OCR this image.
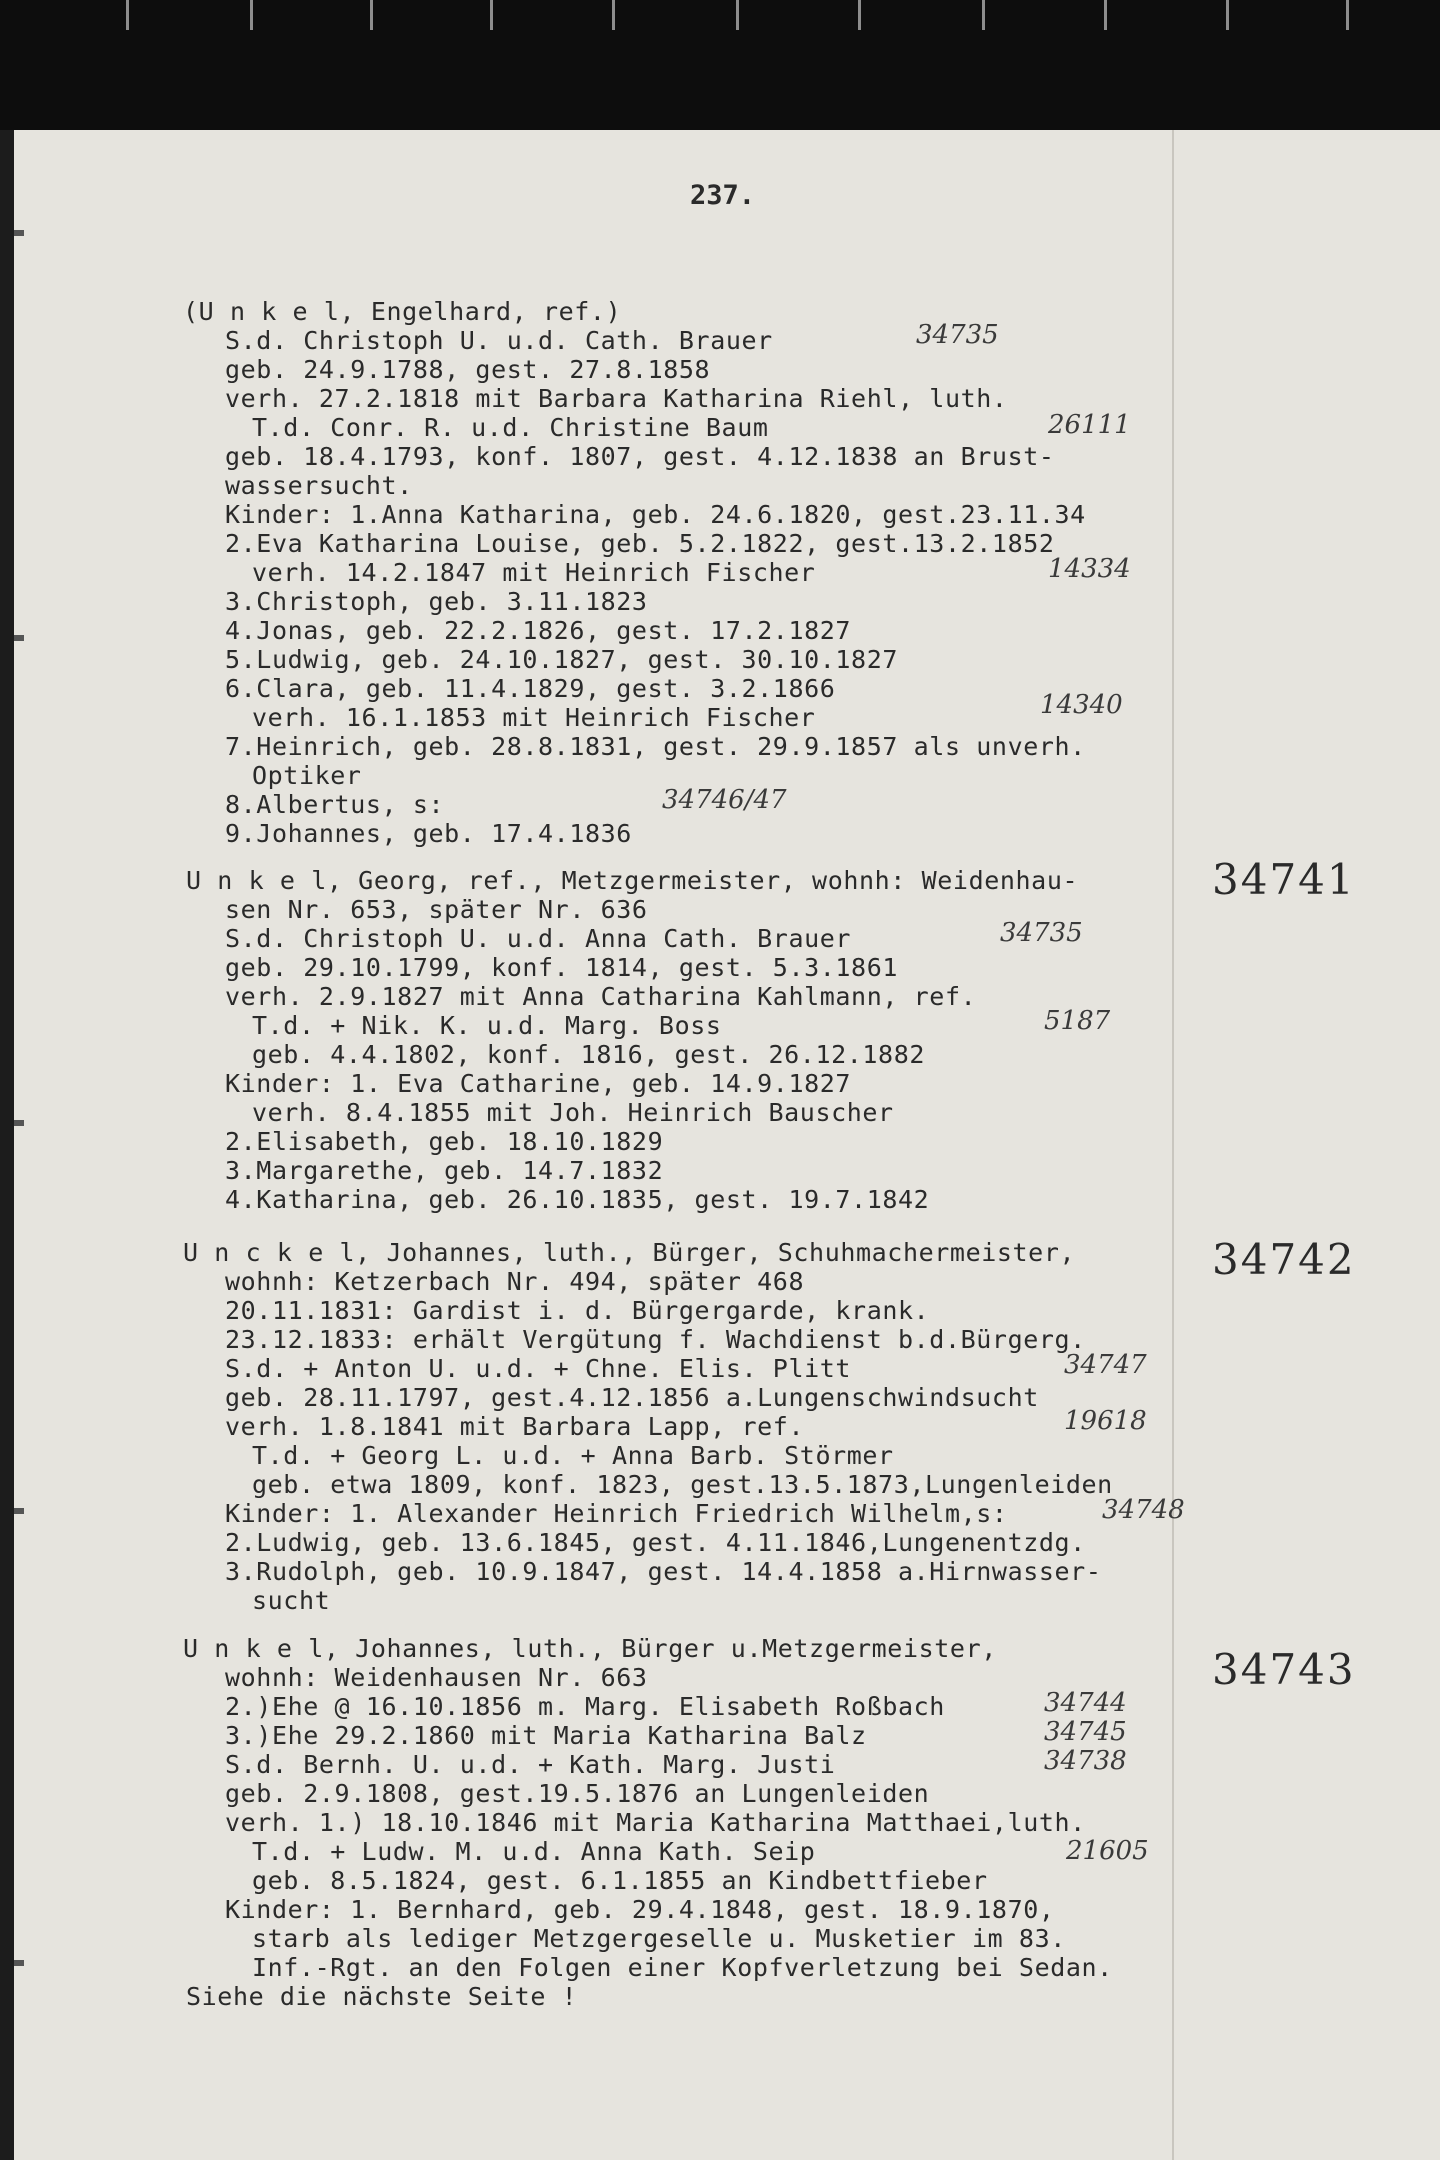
237.
(U n k e l, Engelhard, ref.)
S.d. Christoph U. u.d. Cath. Brauer
geb. 24.9.1788, gest. 27.8.1858
verh. 27.2.1818 mit Barbara Katharina Riehl, luth.
T.d. Conr. R. u.d. Christine Baum
geb. 18.4.1793, konf. 1807, gest. 4.12.1838 an Brust-
wassersucht.
Kinder: 1.Anna Katharina, geb. 24.6.1820, gest.23.11.34
2.Eva Katharina Louise, geb. 5.2.1822, gest.13.2.1852
verh. 14.2.1847 mit Heinrich Fischer
3.Christoph, geb. 3.11.1823
4.Jonas, geb. 22.2.1826, gest. 17.2.1827
5.Ludwig, geb. 24.10.1827, gest. 30.10.1827
6.Clara, geb. 11.4.1829, gest. 3.2.1866
verh. 16.1.1853 mit Heinrich Fischer
7.Heinrich, geb. 28.8.1831, gest. 29.9.1857 als unverh.
Optiker
8.Albertus, s:
9.Johannes, geb. 17.4.1836
34735
26111
14334
14340
34746/47
34741
U n k e l, Georg, ref., Metzgermeister, wohnh: Weidenhau-
sen Nr. 653, später Nr. 636
S.d. Christoph U. u.d. Anna Cath. Brauer
geb. 29.10.1799, konf. 1814, gest. 5.3.1861
verh. 2.9.1827 mit Anna Catharina Kahlmann, ref.
T.d. + Nik. K. u.d. Marg. Boss
geb. 4.4.1802, konf. 1816, gest. 26.12.1882
Kinder: 1. Eva Catharine, geb. 14.9.1827
verh. 8.4.1855 mit Joh. Heinrich Bauscher
2.Elisabeth, geb. 18.10.1829
3.Margarethe, geb. 14.7.1832
4.Katharina, geb. 26.10.1835, gest. 19.7.1842
34735
5187
34742
U n c k e l, Johannes, luth., Bürger, Schuhmachermeister,
wohnh: Ketzerbach Nr. 494, später 468
20.11.1831: Gardist i. d. Bürgergarde, krank.
23.12.1833: erhält Vergütung f. Wachdienst b.d.Bürgerg.
S.d. + Anton U. u.d. + Chne. Elis. Plitt
geb. 28.11.1797, gest.4.12.1856 a.Lungenschwindsucht
verh. 1.8.1841 mit Barbara Lapp, ref.
T.d. + Georg L. u.d. + Anna Barb. Störmer
geb. etwa 1809, konf. 1823, gest.13.5.1873,Lungenleiden
Kinder: 1. Alexander Heinrich Friedrich Wilhelm,s:
2.Ludwig, geb. 13.6.1845, gest. 4.11.1846,Lungenentzdg.
3.Rudolph, geb. 10.9.1847, gest. 14.4.1858 a.Hirnwasser-
sucht
34747
19618
34748
34743
U n k e l, Johannes, luth., Bürger u.Metzgermeister,
wohnh: Weidenhausen Nr. 663
2.)Ehe @ 16.10.1856 m. Marg. Elisabeth Roßbach
3.)Ehe 29.2.1860 mit Maria Katharina Balz
S.d. Bernh. U. u.d. + Kath. Marg. Justi
geb. 2.9.1808, gest.19.5.1876 an Lungenleiden
verh. 1.) 18.10.1846 mit Maria Katharina Matthaei,luth.
T.d. + Ludw. M. u.d. Anna Kath. Seip
geb. 8.5.1824, gest. 6.1.1855 an Kindbettfieber
Kinder: 1. Bernhard, geb. 29.4.1848, gest. 18.9.1870,
starb als lediger Metzgergeselle u. Musketier im 83.
Inf.-Rgt. an den Folgen einer Kopfverletzung bei Sedan.
Siehe die nächste Seite !
34744
34745
34738
21605
